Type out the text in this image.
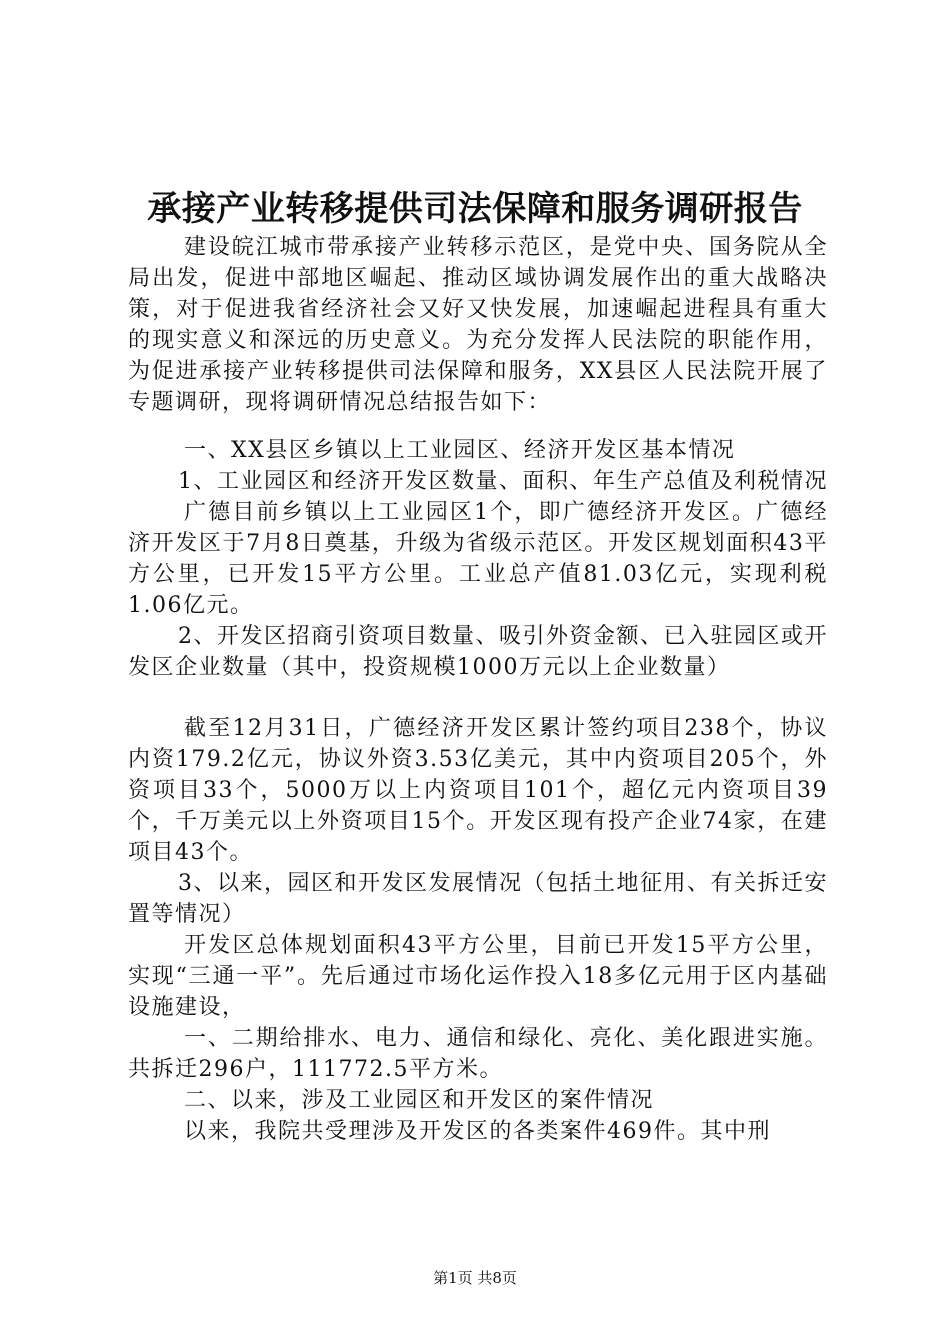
承接产业转移提供司法保障和服务调研报告

建设皖江城市带承接产业转移示范区，是党中央、国务院从全局出发，促进中部地区崛起、推动区域协调发展作出的重大战略决策，对于促进我省经济社会又好又快发展，加速崛起进程具有重大的现实意义和深远的历史意义。为充分发挥人民法院的职能作用，为促进承接产业转移提供司法保障和服务，XX县区人民法院开展了专题调研，现将调研情况总结报告如下：

一、XX县区乡镇以上工业园区、经济开发区基本情况

1、工业园区和经济开发区数量、面积、年生产总值及利税情况

广德目前乡镇以上工业园区1个，即广德经济开发区。广德经济开发区于7月8日奠基，升级为省级示范区。开发区规划面积43平方公里，已开发15平方公里。工业总产值81.03亿元，实现利税1.06亿元。

2、开发区招商引资项目数量、吸引外资金额、已入驻园区或开发区企业数量（其中，投资规模1000万元以上企业数量）

截至12月31日，广德经济开发区累计签约项目238个，协议内资179.2亿元，协议外资3.53亿美元，其中内资项目205个，外资项目33个，5000万以上内资项目101个，超亿元内资项目39个，千万美元以上外资项目15个。开发区现有投产企业74家，在建项目43个。

3、以来，园区和开发区发展情况（包括土地征用、有关拆迁安置等情况）

开发区总体规划面积43平方公里，目前已开发15平方公里，实现“三通一平”。先后通过市场化运作投入18多亿元用于区内基础设施建设，

一、二期给排水、电力、通信和绿化、亮化、美化跟进实施。共拆迁296户，111772.5平方米。

二、以来，涉及工业园区和开发区的案件情况

以来，我院共受理涉及开发区的各类案件469件。其中刑

第1页 共8页
